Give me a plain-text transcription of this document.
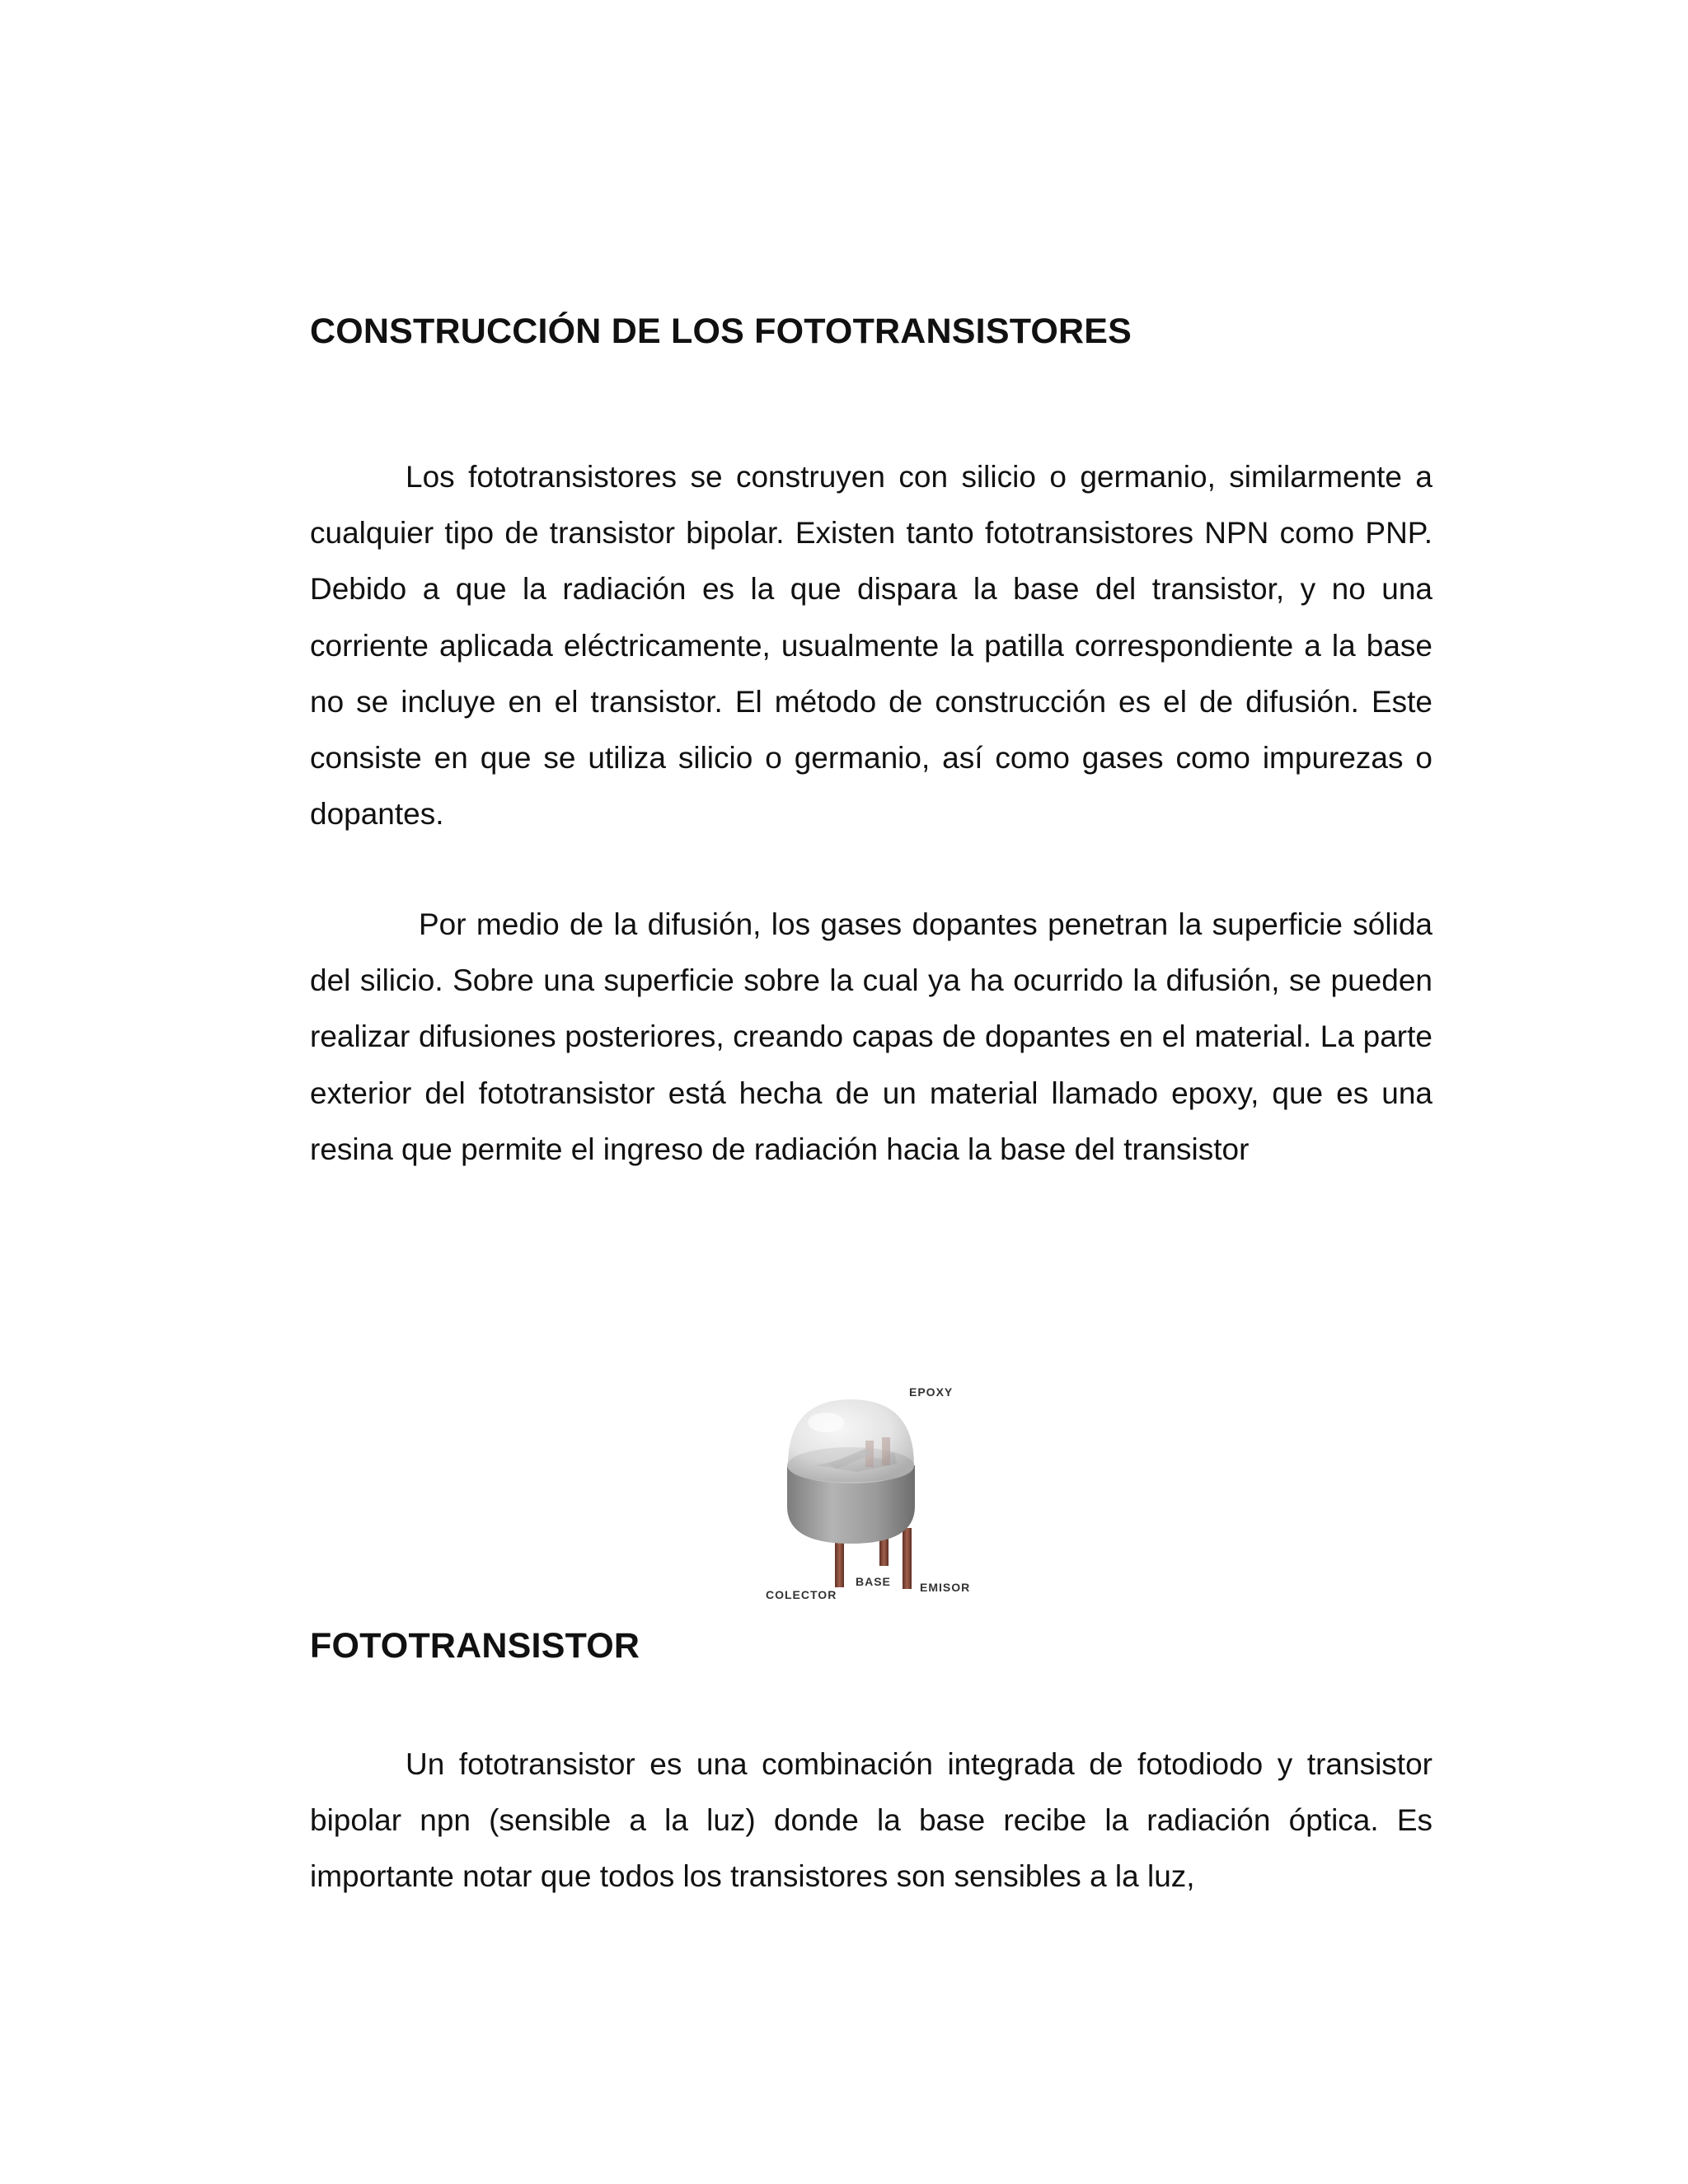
CONSTRUCCIÓN DE LOS FOTOTRANSISTORES

Los fototransistores se construyen con silicio o germanio, similarmente a cualquier tipo de transistor bipolar. Existen tanto fototransistores NPN como PNP. Debido a que la radiación es la que dispara la base del transistor, y no una corriente aplicada eléctricamente, usualmente la patilla correspondiente a la base no se incluye en el transistor. El método de construcción es el de difusión. Este consiste en que se utiliza silicio o germanio, así como gases como impurezas o dopantes.

Por medio de la difusión, los gases dopantes penetran la superficie sólida del silicio. Sobre una superficie sobre la cual ya ha ocurrido la difusión, se pueden realizar difusiones posteriores, creando capas de dopantes en el material. La parte exterior del fototransistor está hecha de un material llamado epoxy, que es una resina que permite el ingreso de radiación hacia la base del transistor

EPOXY
BASE	EMISOR
COLECTOR
FOTOTRANSISTOR

Un fototransistor es una combinación integrada de fotodiodo y transistor bipolar npn (sensible a la luz) donde la base recibe la radiación óptica. Es importante notar que todos los transistores son sensibles a la luz,
